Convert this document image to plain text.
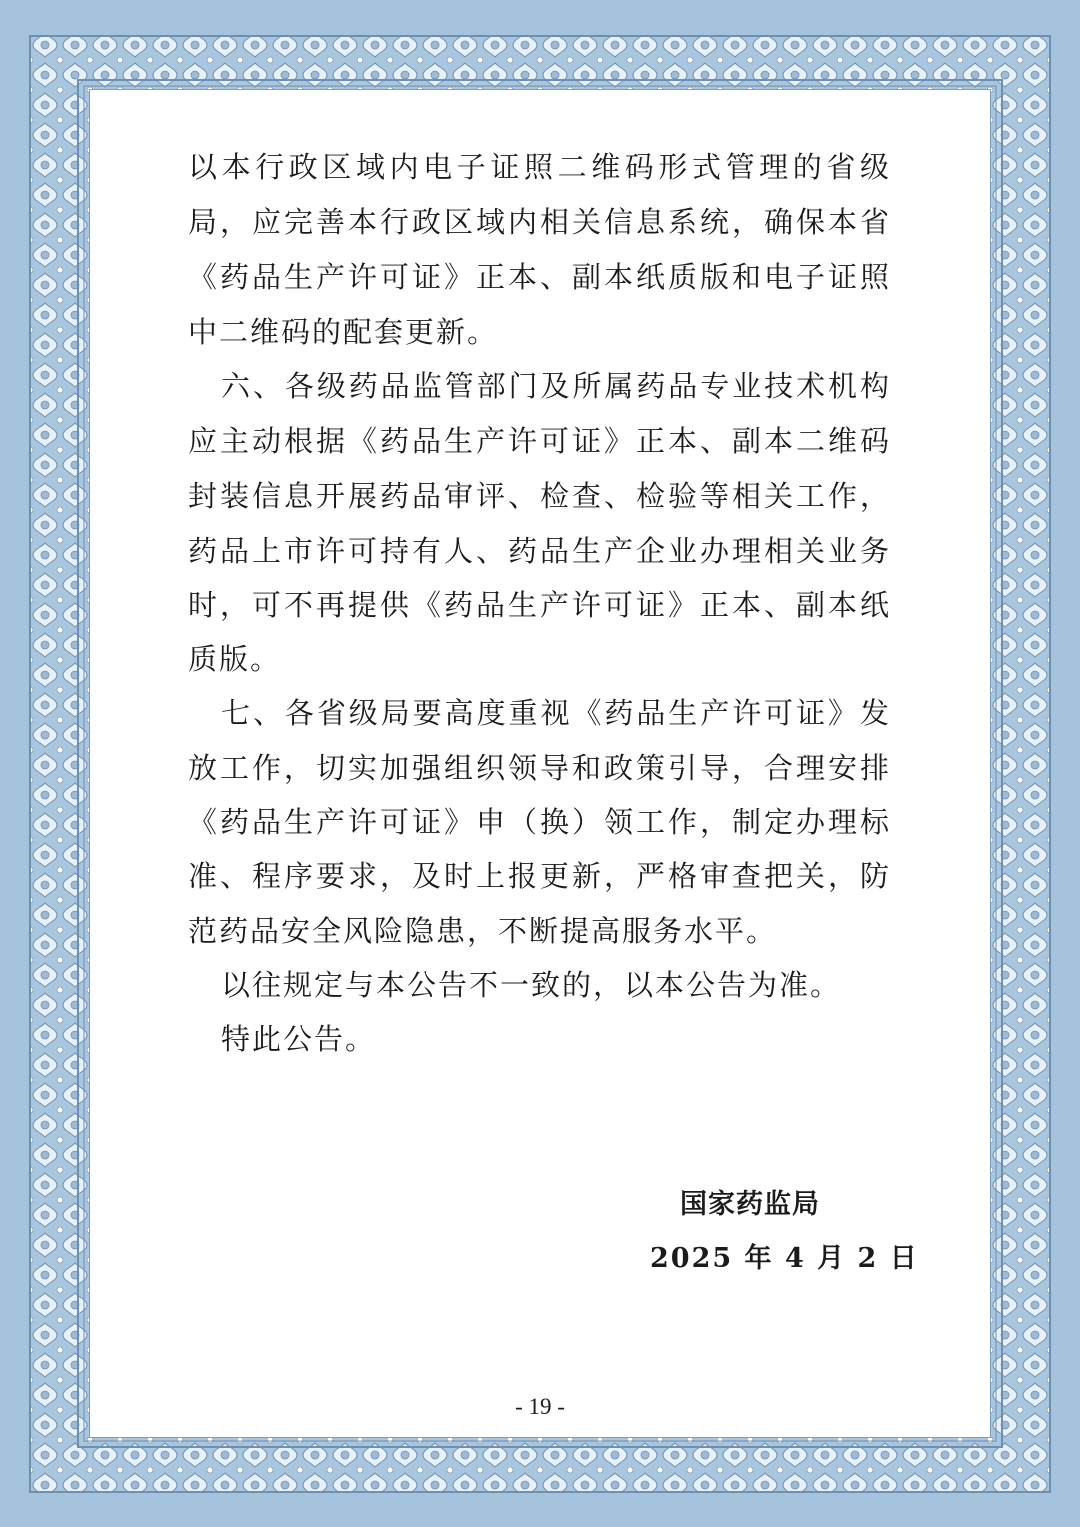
以本行政区域内电子证照二维码形式管理的省级
局，应完善本行政区域内相关信息系统，确保本省
《药品生产许可证》正本、副本纸质版和电子证照
中二维码的配套更新。
六、各级药品监管部门及所属药品专业技术机构
应主动根据《药品生产许可证》正本、副本二维码
封装信息开展药品审评、检查、检验等相关工作，
药品上市许可持有人、药品生产企业办理相关业务
时，可不再提供《药品生产许可证》正本、副本纸
质版。
七、各省级局要高度重视《药品生产许可证》发
放工作，切实加强组织领导和政策引导，合理安排
《药品生产许可证》申（换）领工作，制定办理标
准、程序要求，及时上报更新，严格审查把关，防
范药品安全风险隐患，不断提高服务水平。
以往规定与本公告不一致的，以本公告为准。
特此公告。
国家药监局
2025 年 4 月 2 日
- 19 -
